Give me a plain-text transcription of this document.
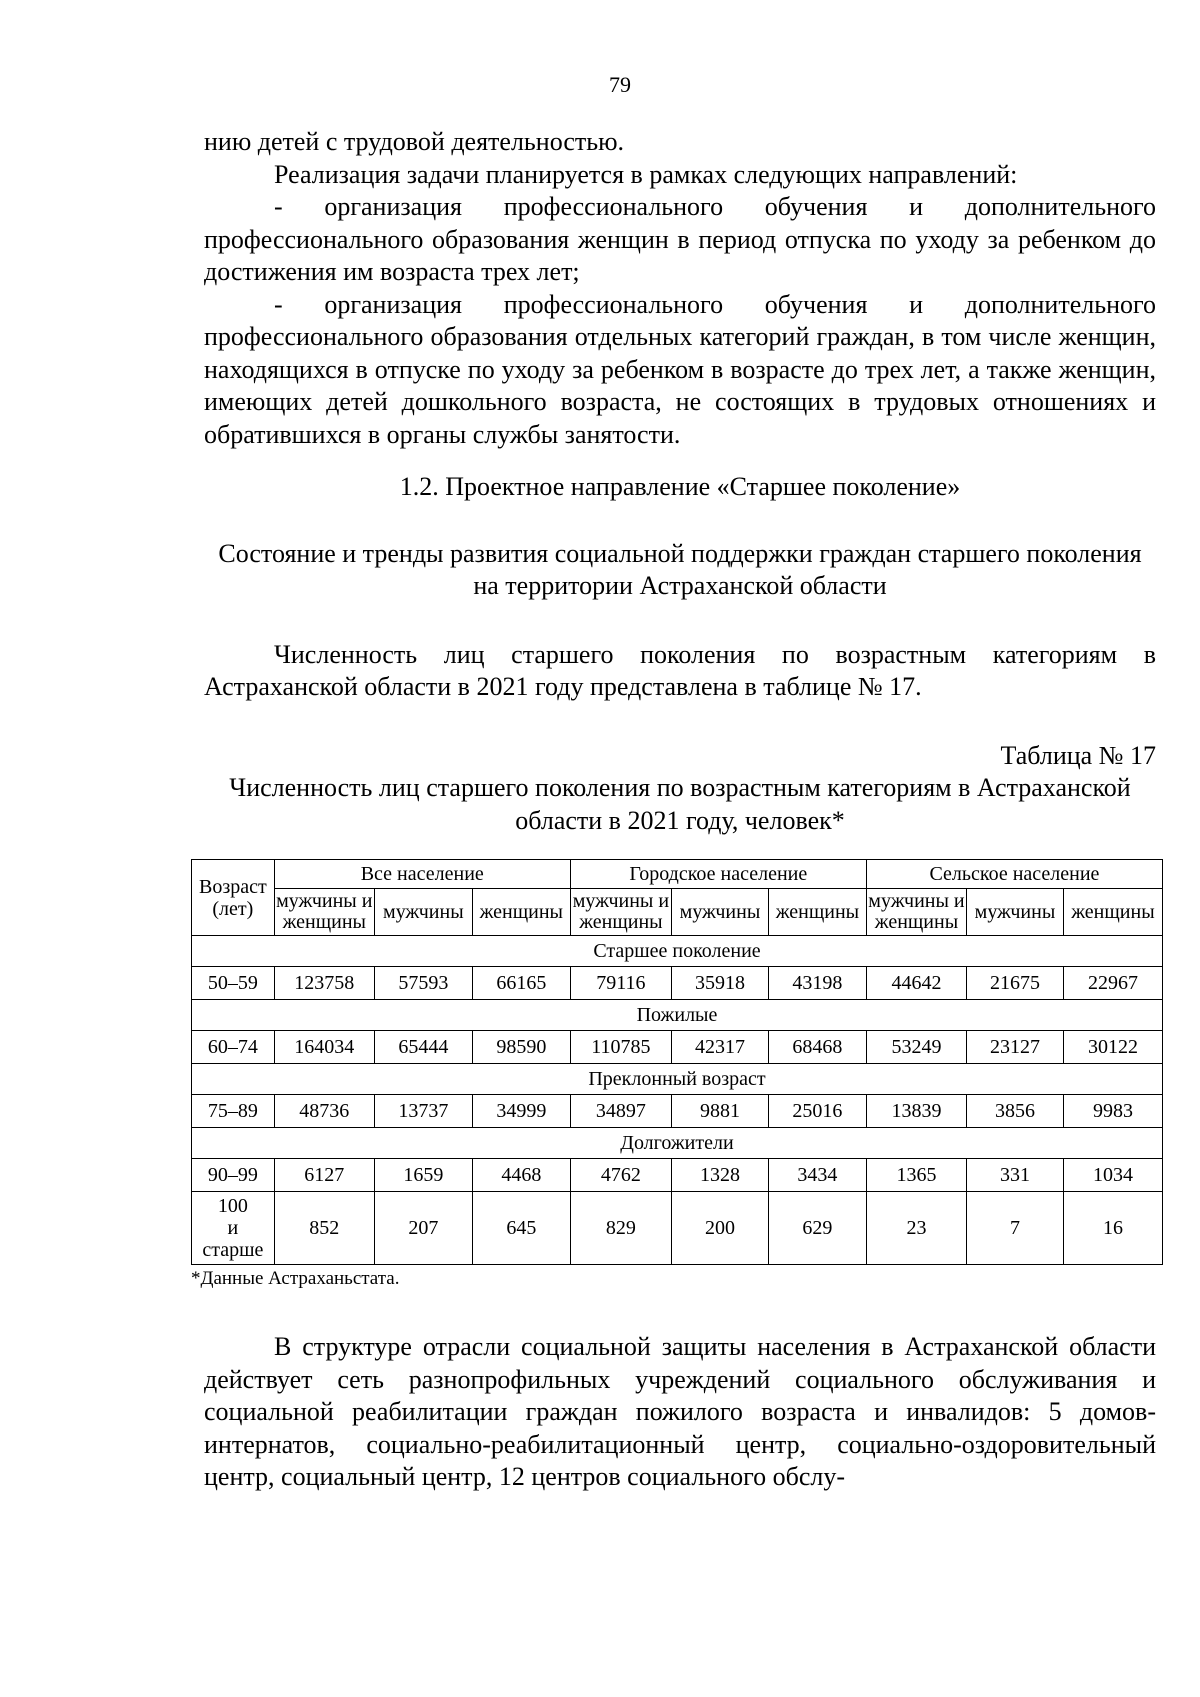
79

нию детей с трудовой деятельностью.

Реализация задачи планируется в рамках следующих направлений:

- организация профессионального обучения и дополнительного профессионального образования женщин в период отпуска по уходу за ребенком до достижения им возраста трех лет;

- организация профессионального обучения и дополнительного профессионального образования отдельных категорий граждан, в том числе женщин, находящихся в отпуске по уходу за ребенком в возрасте до трех лет, а также женщин, имеющих детей дошкольного возраста, не состоящих в трудовых отношениях и обратившихся в органы службы занятости.

1.2. Проектное направление «Старшее поколение»

Состояние и тренды развития социальной поддержки граждан старшего поколения на территории Астраханской области

Численность лиц старшего поколения по возрастным категориям в Астраханской области в 2021 году представлена в таблице № 17.

Таблица № 17

Численность лиц старшего поколения по возрастным категориям в Астраханской области в 2021 году, человек*

Возраст (лет)	Все население			Городское население			Сельское население		
	мужчины и женщины	мужчины	женщины	мужчины и женщины	мужчины	женщины	мужчины и женщины	мужчины	женщины
Старшее поколение									
50–59	123758	57593	66165	79116	35918	43198	44642	21675	22967
Пожилые									
60–74	164034	65444	98590	110785	42317	68468	53249	23127	30122
Преклонный возраст									
75–89	48736	13737	34999	34897	9881	25016	13839	3856	9983
Долгожители									
90–99	6127	1659	4468	4762	1328	3434	1365	331	1034
100 и старше	852	207	645	829	200	629	23	7	16

*Данные Астраханьстата.

В структуре отрасли социальной защиты населения в Астраханской области действует сеть разнопрофильных учреждений социального обслуживания и социальной реабилитации граждан пожилого возраста и инвалидов: 5 домов-интернатов, социально-реабилитационный центр, социально-оздоровительный центр, социальный центр, 12 центров социального обслу-
